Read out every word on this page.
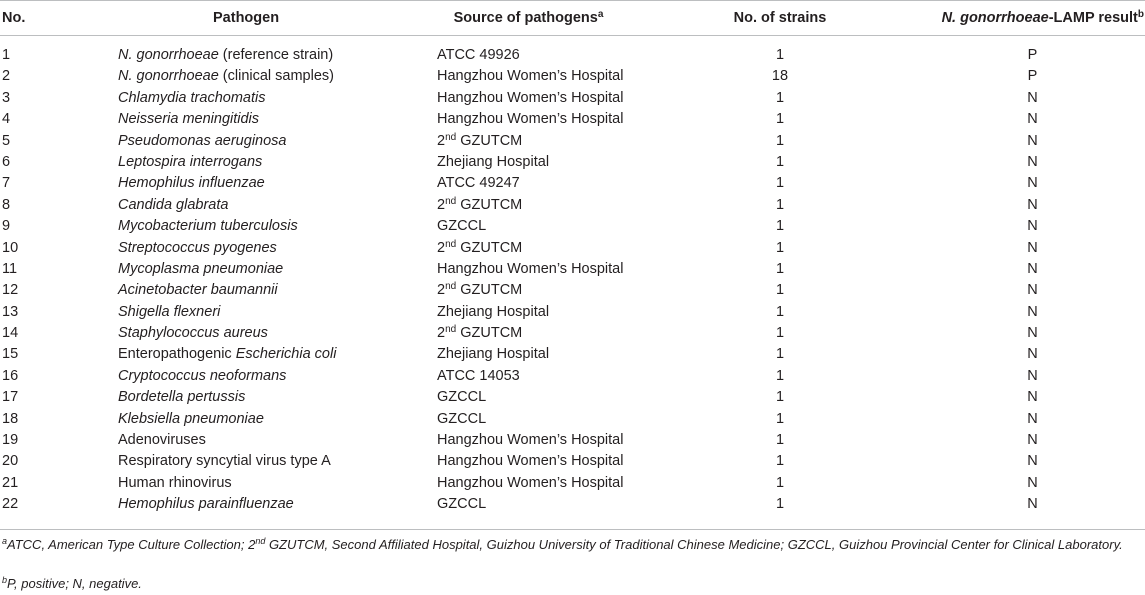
No.	Pathogen	Source of pathogens$^a$	No. of strains	N. gonorrhoeae-LAMP result$^b$
1	N. gonorrhoeae (reference strain)	ATCC 49926	1	P
2	N. gonorrhoeae (clinical samples)	Hangzhou Women’s Hospital	18	P
3	Chlamydia trachomatis	Hangzhou Women’s Hospital	1	N
4	Neisseria meningitidis	Hangzhou Women’s Hospital	1	N
5	Pseudomonas aeruginosa	2nd GZUTCM	1	N
6	Leptospira interrogans	Zhejiang Hospital	1	N
7	Hemophilus influenzae	ATCC 49247	1	N
8	Candida glabrata	2nd GZUTCM	1	N
9	Mycobacterium tuberculosis	GZCCL	1	N
10	Streptococcus pyogenes	2nd GZUTCM	1	N
11	Mycoplasma pneumoniae	Hangzhou Women’s Hospital	1	N
12	Acinetobacter baumannii	2nd GZUTCM	1	N
13	Shigella flexneri	Zhejiang Hospital	1	N
14	Staphylococcus aureus	2nd GZUTCM	1	N
15	Enteropathogenic Escherichia coli	Zhejiang Hospital	1	N
16	Cryptococcus neoformans	ATCC 14053	1	N
17	Bordetella pertussis	GZCCL	1	N
18	Klebsiella pneumoniae	GZCCL	1	N
19	Adenoviruses	Hangzhou Women’s Hospital	1	N
20	Respiratory syncytial virus type A	Hangzhou Women’s Hospital	1	N
21	Human rhinovirus	Hangzhou Women’s Hospital	1	N
22	Hemophilus parainfluenzae	GZCCL	1	N
$^a$ATCC, American Type Culture Collection; 2nd GZUTCM, Second Affiliated Hospital, Guizhou University of Traditional Chinese Medicine; GZCCL, Guizhou Provincial Center for Clinical Laboratory.
$^b$P, positive; N, negative.
